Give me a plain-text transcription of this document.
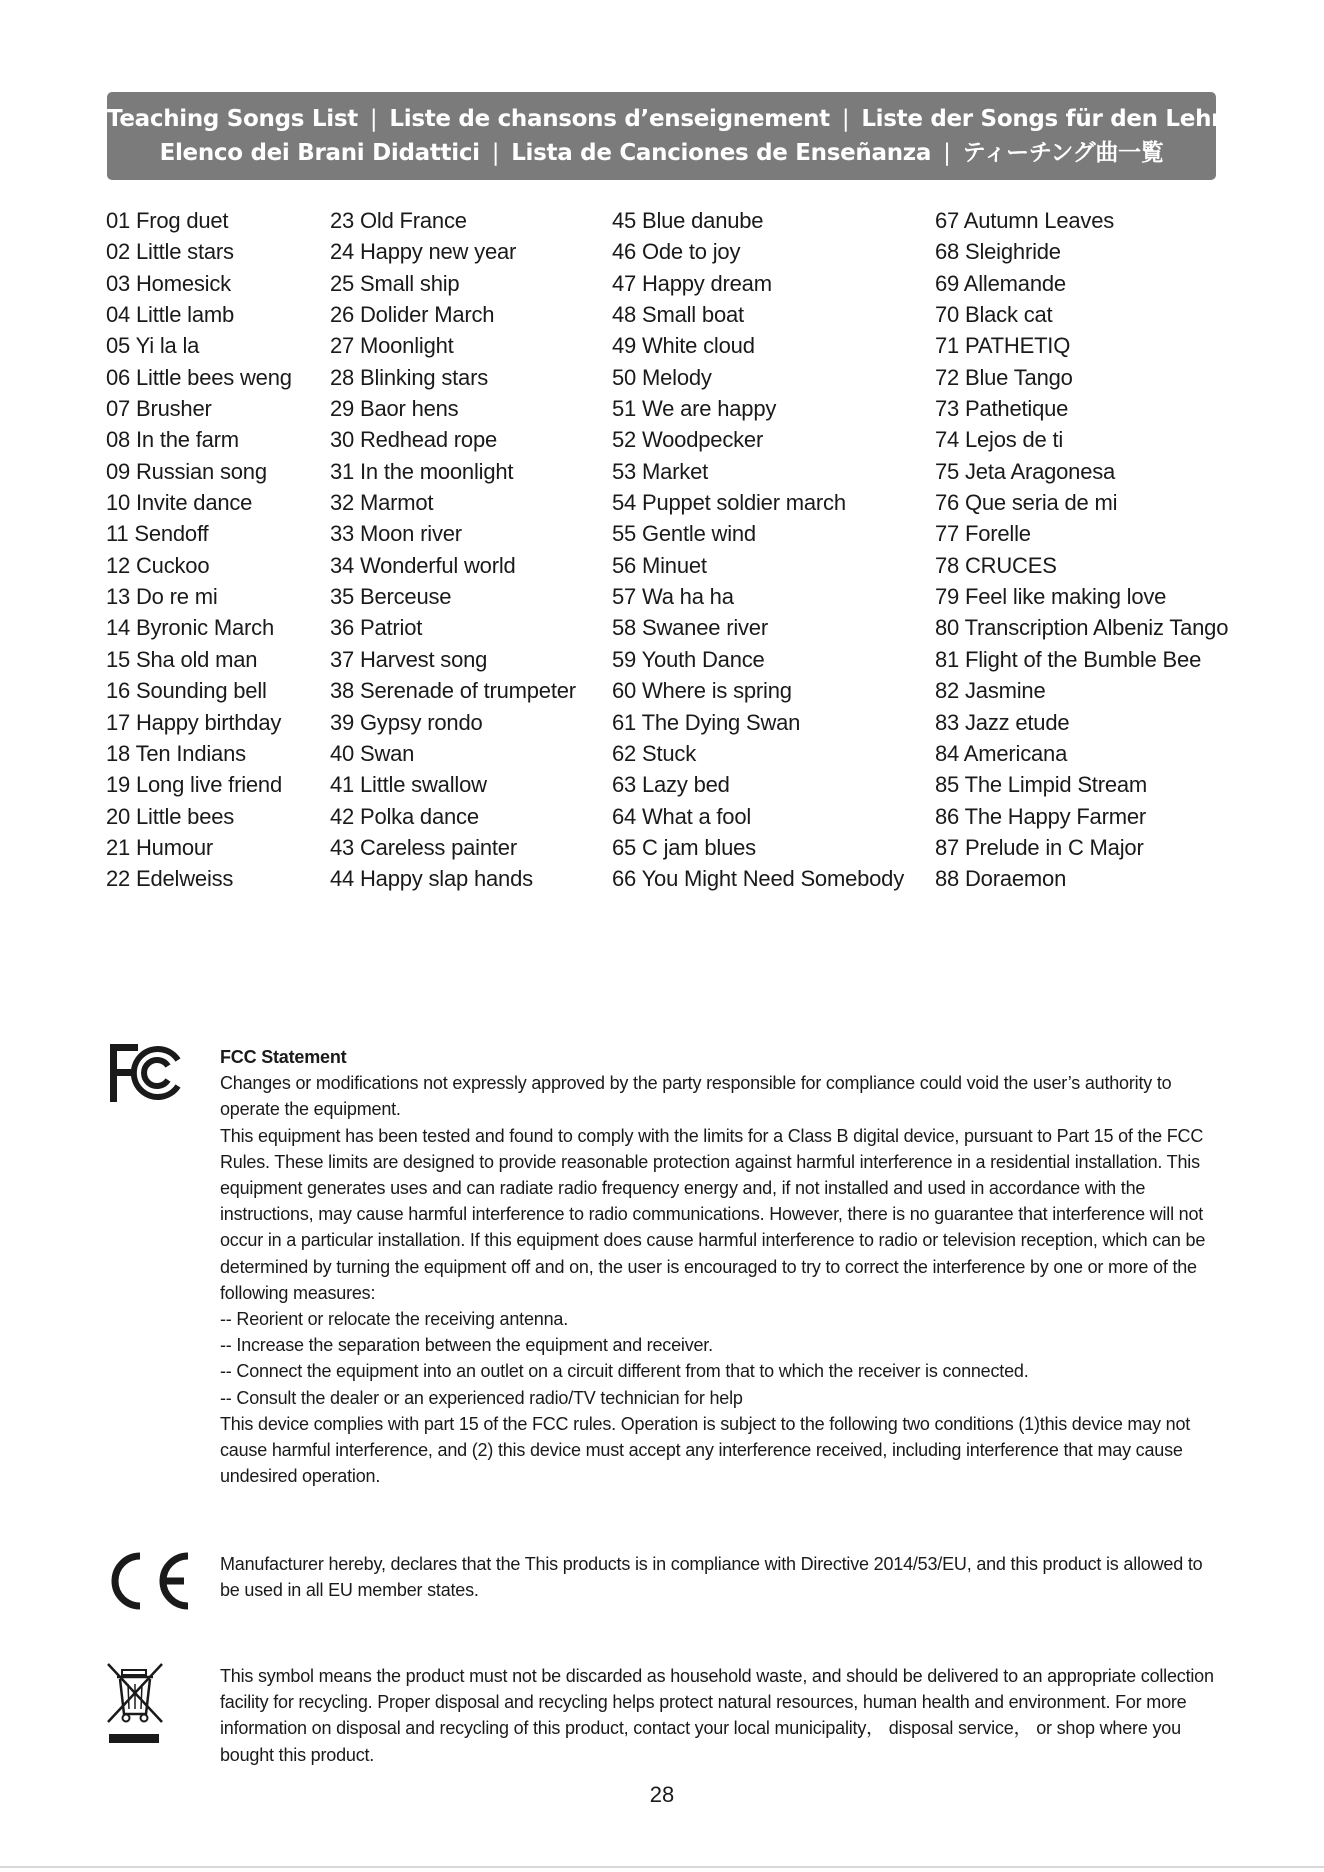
Teaching Songs List | Liste de chansons d’enseignement | Liste der Songs für den Lehrmodus
Elenco dei Brani Didattici | Lista de Canciones de Enseñanza | ティーチング曲一覧
01 Frog duet
02 Little stars
03 Homesick
04 Little lamb
05 Yi la la
06 Little bees weng
07 Brusher
08 In the farm
09 Russian song
10 Invite dance
11 Sendoff
12 Cuckoo
13 Do re mi
14 Byronic March
15 Sha old man
16 Sounding bell
17 Happy birthday
18 Ten Indians
19 Long live friend
20 Little bees
21 Humour
22 Edelweiss
23 Old France
24 Happy new year
25 Small ship
26 Dolider March
27 Moonlight
28 Blinking stars
29 Baor hens
30 Redhead rope
31 In the moonlight
32 Marmot
33 Moon river
34 Wonderful world
35 Berceuse
36 Patriot
37 Harvest song
38 Serenade of trumpeter
39 Gypsy rondo
40 Swan
41 Little swallow
42 Polka dance
43 Careless painter
44 Happy slap hands
45 Blue danube
46 Ode to joy
47 Happy dream
48 Small boat
49 White cloud
50 Melody
51 We are happy
52 Woodpecker
53 Market
54 Puppet soldier march
55 Gentle wind
56 Minuet
57 Wa ha ha
58 Swanee river
59 Youth Dance
60 Where is spring
61 The Dying Swan
62 Stuck
63 Lazy bed
64 What a fool
65 C jam blues
66 You Might Need Somebody
67 Autumn Leaves
68 Sleighride
69 Allemande
70 Black cat
71 PATHETIQ
72 Blue Tango
73 Pathetique
74 Lejos de ti
75 Jeta Aragonesa
76 Que seria de mi
77 Forelle
78 CRUCES
79 Feel like making love
80 Transcription Albeniz Tango
81 Flight of the Bumble Bee
82 Jasmine
83 Jazz etude
84 Americana
85 The Limpid Stream
86 The Happy Farmer
87 Prelude in C Major
88 Doraemon

FCC Statement

Changes or modifications not expressly approved by the party responsible for compliance could void the user’s authority to operate the equipment.

This equipment has been tested and found to comply with the limits for a Class B digital device, pursuant to Part 15 of the FCC Rules. These limits are designed to provide reasonable protection against harmful interference in a residential installation. This equipment generates uses and can radiate radio frequency energy and, if not installed and used in accordance with the instructions, may cause harmful interference to radio communications. However, there is no guarantee that interference will not occur in a particular installation. If this equipment does cause harmful interference to radio or television reception, which can be determined by turning the equipment off and on, the user is encouraged to try to correct the interference by one or more of the following measures:

-- Reorient or relocate the receiving antenna.

-- Increase the separation between the equipment and receiver.

-- Connect the equipment into an outlet on a circuit different from that to which the receiver is connected.

-- Consult the dealer or an experienced radio/TV technician for help

This device complies with part 15 of the FCC rules. Operation is subject to the following two conditions (1)this device may not cause harmful interference, and (2) this device must accept any interference received, including interference that may cause undesired operation.

Manufacturer hereby, declares that the This products is in compliance with Directive 2014/53/EU, and this product is allowed to be used in all EU member states.

This symbol means the product must not be discarded as household waste, and should be delivered to an appropriate collection facility for recycling. Proper disposal and recycling helps protect natural resources, human health and environment. For more information on disposal and recycling of this product, contact your local municipality， disposal service， or shop where you bought this product.

28
